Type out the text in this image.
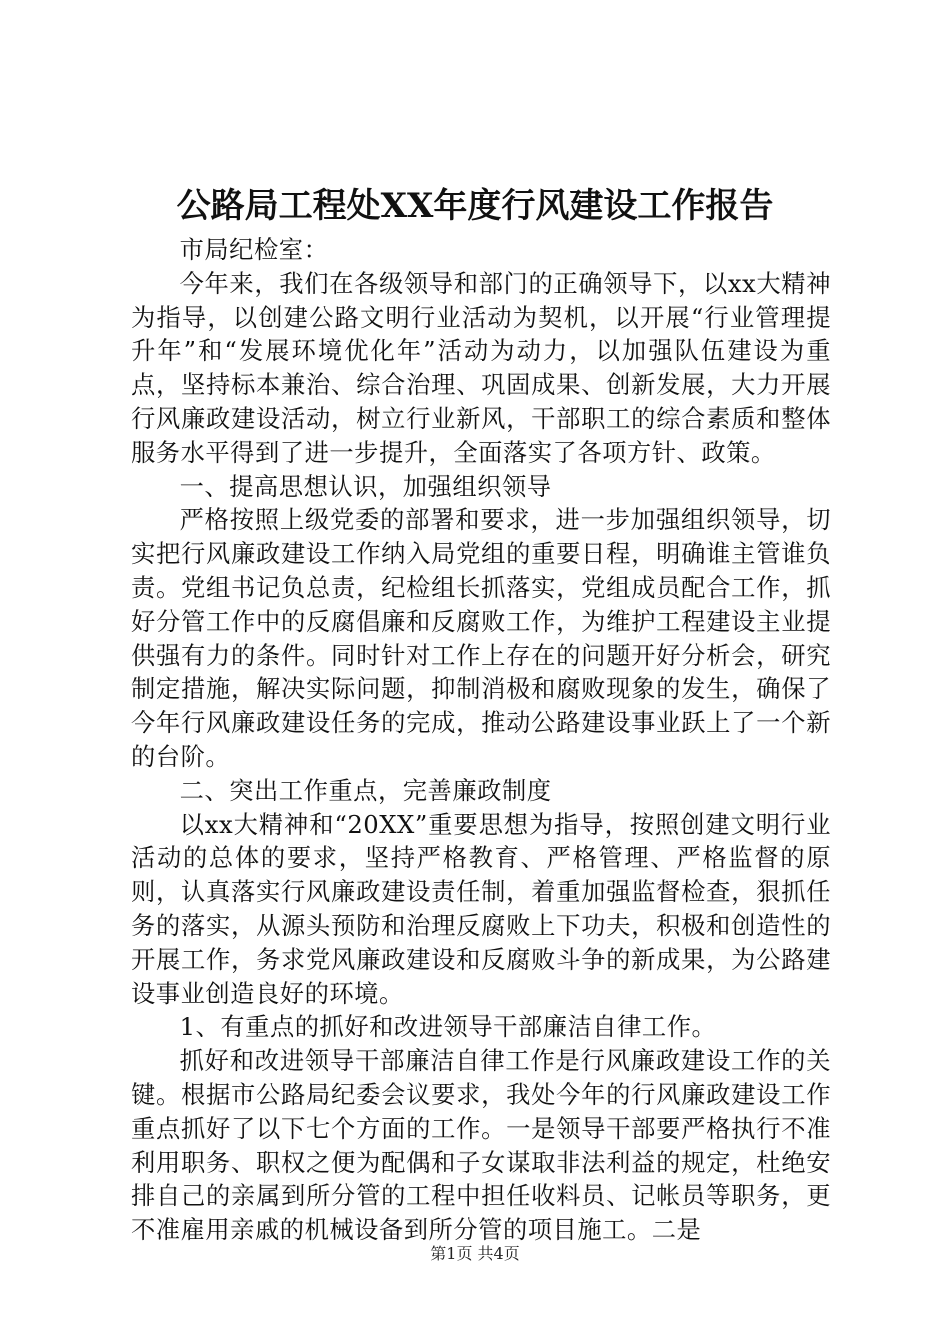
公路局工程处XX年度行风建设工作报告

市局纪检室：

今年来，我们在各级领导和部门的正确领导下，以xx大精神为指导，以创建公路文明行业活动为契机，以开展“行业管理提升年”和“发展环境优化年”活动为动力，以加强队伍建设为重点，坚持标本兼治、综合治理、巩固成果、创新发展，大力开展行风廉政建设活动，树立行业新风，干部职工的综合素质和整体服务水平得到了进一步提升，全面落实了各项方针、政策。

一、提高思想认识，加强组织领导

严格按照上级党委的部署和要求，进一步加强组织领导，切实把行风廉政建设工作纳入局党组的重要日程，明确谁主管谁负责。党组书记负总责，纪检组长抓落实，党组成员配合工作，抓好分管工作中的反腐倡廉和反腐败工作，为维护工程建设主业提供强有力的条件。同时针对工作上存在的问题开好分析会，研究制定措施，解决实际问题，抑制消极和腐败现象的发生，确保了今年行风廉政建设任务的完成，推动公路建设事业跃上了一个新的台阶。

二、突出工作重点，完善廉政制度

以xx大精神和“20XX”重要思想为指导，按照创建文明行业活动的总体的要求，坚持严格教育、严格管理、严格监督的原则，认真落实行风廉政建设责任制，着重加强监督检查，狠抓任务的落实，从源头预防和治理反腐败上下功夫，积极和创造性的开展工作，务求党风廉政建设和反腐败斗争的新成果，为公路建设事业创造良好的环境。

1、有重点的抓好和改进领导干部廉洁自律工作。

抓好和改进领导干部廉洁自律工作是行风廉政建设工作的关键。根据市公路局纪委会议要求，我处今年的行风廉政建设工作重点抓好了以下七个方面的工作。一是领导干部要严格执行不准利用职务、职权之便为配偶和子女谋取非法利益的规定，杜绝安排自己的亲属到所分管的工程中担任收料员、记帐员等职务，更不准雇用亲戚的机械设备到所分管的项目施工。二是

第1页 共4页
